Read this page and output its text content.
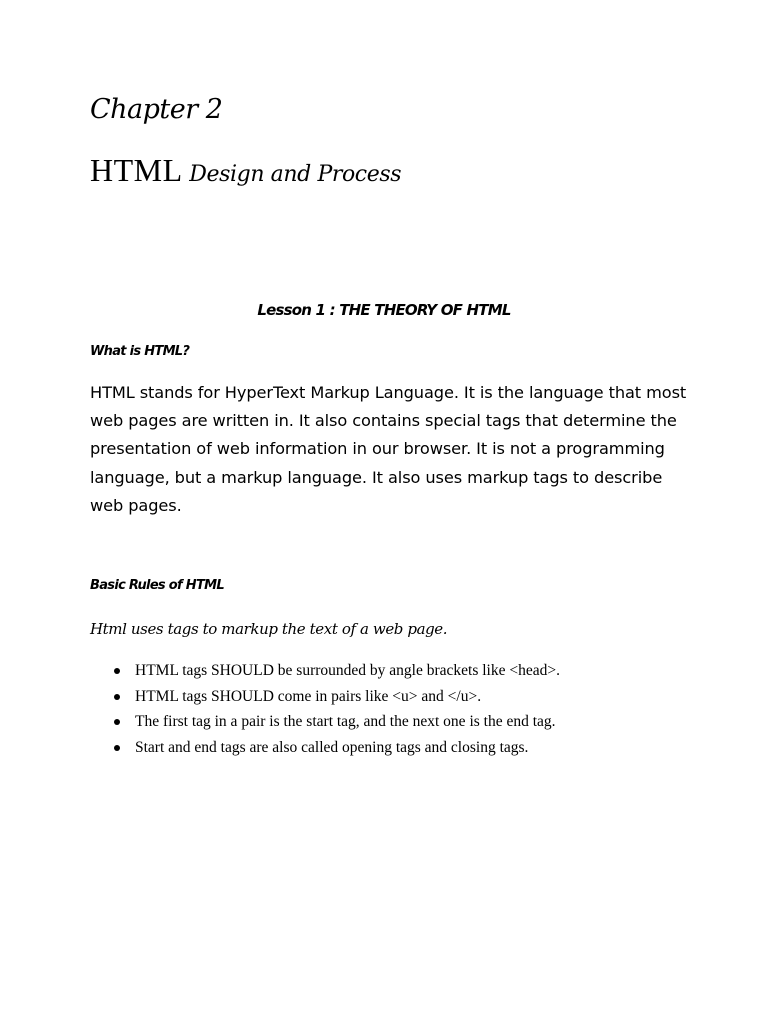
Chapter 2

HTML Design and Process
Lesson 1 : THE THEORY OF HTML
What is HTML?

HTML stands for HyperText Markup Language. It is the language that most web pages are written in. It also contains special tags that determine the presentation of web information in our browser. It is not a programming language, but a markup language. It also uses markup tags to describe web pages.

Basic Rules of HTML

Html uses tags to markup the text of a web page.

HTML tags SHOULD be surrounded by angle brackets like <head>.
HTML tags SHOULD come in pairs like <u> and </u>.
The first tag in a pair is the start tag, and the next one is the end tag.
Start and end tags are also called opening tags and closing tags.
